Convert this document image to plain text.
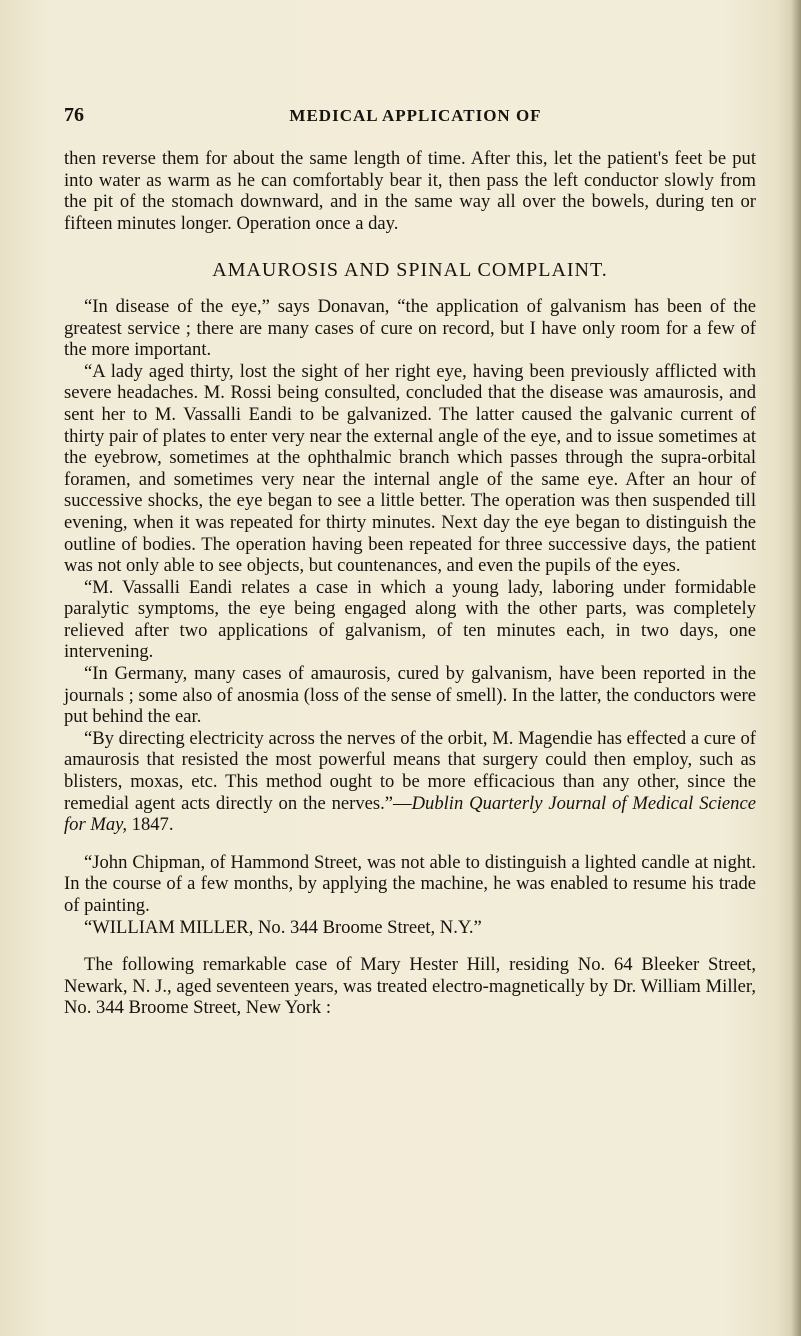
76	MEDICAL APPLICATION OF

then reverse them for about the same length of time. After this, let the patient's feet be put into water as warm as he can comfortably bear it, then pass the left conductor slowly from the pit of the stomach downward, and in the same way all over the bowels, during ten or fifteen minutes longer. Operation once a day.

AMAUROSIS AND SPINAL COMPLAINT.

“In disease of the eye,” says Donavan, “the application of galvanism has been of the greatest service ; there are many cases of cure on record, but I have only room for a few of the more important.

“A lady aged thirty, lost the sight of her right eye, having been previously afflicted with severe headaches. M. Rossi being consulted, concluded that the disease was amaurosis, and sent her to M. Vassalli Eandi to be galvanized. The latter caused the galvanic current of thirty pair of plates to enter very near the external angle of the eye, and to issue sometimes at the eyebrow, sometimes at the ophthalmic branch which passes through the supra-orbital foramen, and sometimes very near the internal angle of the same eye. After an hour of successive shocks, the eye began to see a little better. The operation was then suspended till evening, when it was repeated for thirty minutes. Next day the eye began to distinguish the outline of bodies. The operation having been repeated for three successive days, the patient was not only able to see objects, but countenances, and even the pupils of the eyes.

“M. Vassalli Eandi relates a case in which a young lady, laboring under formidable paralytic symptoms, the eye being engaged along with the other parts, was completely relieved after two applications of galvanism, of ten minutes each, in two days, one intervening.

“In Germany, many cases of amaurosis, cured by galvanism, have been reported in the journals ; some also of anosmia (loss of the sense of smell). In the latter, the conductors were put behind the ear.

“By directing electricity across the nerves of the orbit, M. Magendie has effected a cure of amaurosis that resisted the most powerful means that surgery could then employ, such as blisters, moxas, etc. This method ought to be more efficacious than any other, since the remedial agent acts directly on the nerves.”—Dublin Quarterly Journal of Medical Science for May, 1847.

“John Chipman, of Hammond Street, was not able to distinguish a lighted candle at night. In the course of a few months, by applying the machine, he was enabled to resume his trade of painting.

“WILLIAM MILLER, No. 344 Broome Street, N.Y.”

The following remarkable case of Mary Hester Hill, residing No. 64 Bleeker Street, Newark, N. J., aged seventeen years, was treated electro-magnetically by Dr. William Miller, No. 344 Broome Street, New York :
